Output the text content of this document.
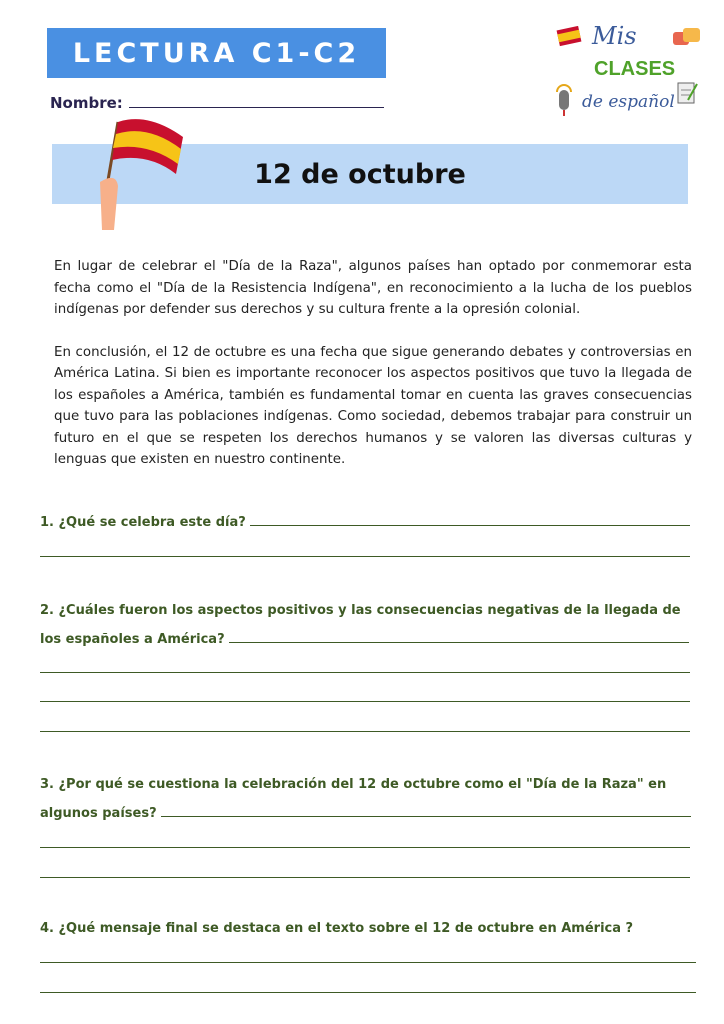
LECTURA C1-C2
Nombre:
Mis
CLASES
de español
12 de octubre

En lugar de celebrar el "Día de la Raza", algunos países han optado por conmemorar esta fecha como el "Día de la Resistencia Indígena", en reconocimiento a la lucha de los pueblos indígenas por defender sus derechos y su cultura frente a la opresión colonial.

En conclusión, el 12 de octubre es una fecha que sigue generando debates y controversias en América Latina. Si bien es importante reconocer los aspectos positivos que tuvo la llegada de los españoles a América, también es fundamental tomar en cuenta las graves consecuencias que tuvo para las poblaciones indígenas. Como sociedad, debemos trabajar para construir un futuro en el que se respeten los derechos humanos y se valoren las diversas culturas y lenguas que existen en nuestro continente.

1. ¿Qué se celebra este día?
2. ¿Cuáles fueron los aspectos positivos y las consecuencias negativas de la llegada de los españoles a América?
3. ¿Por qué se cuestiona la celebración del 12 de octubre como el "Día de la Raza" en algunos países?
4. ¿Qué mensaje final se destaca en el texto sobre el 12 de octubre en América ?
